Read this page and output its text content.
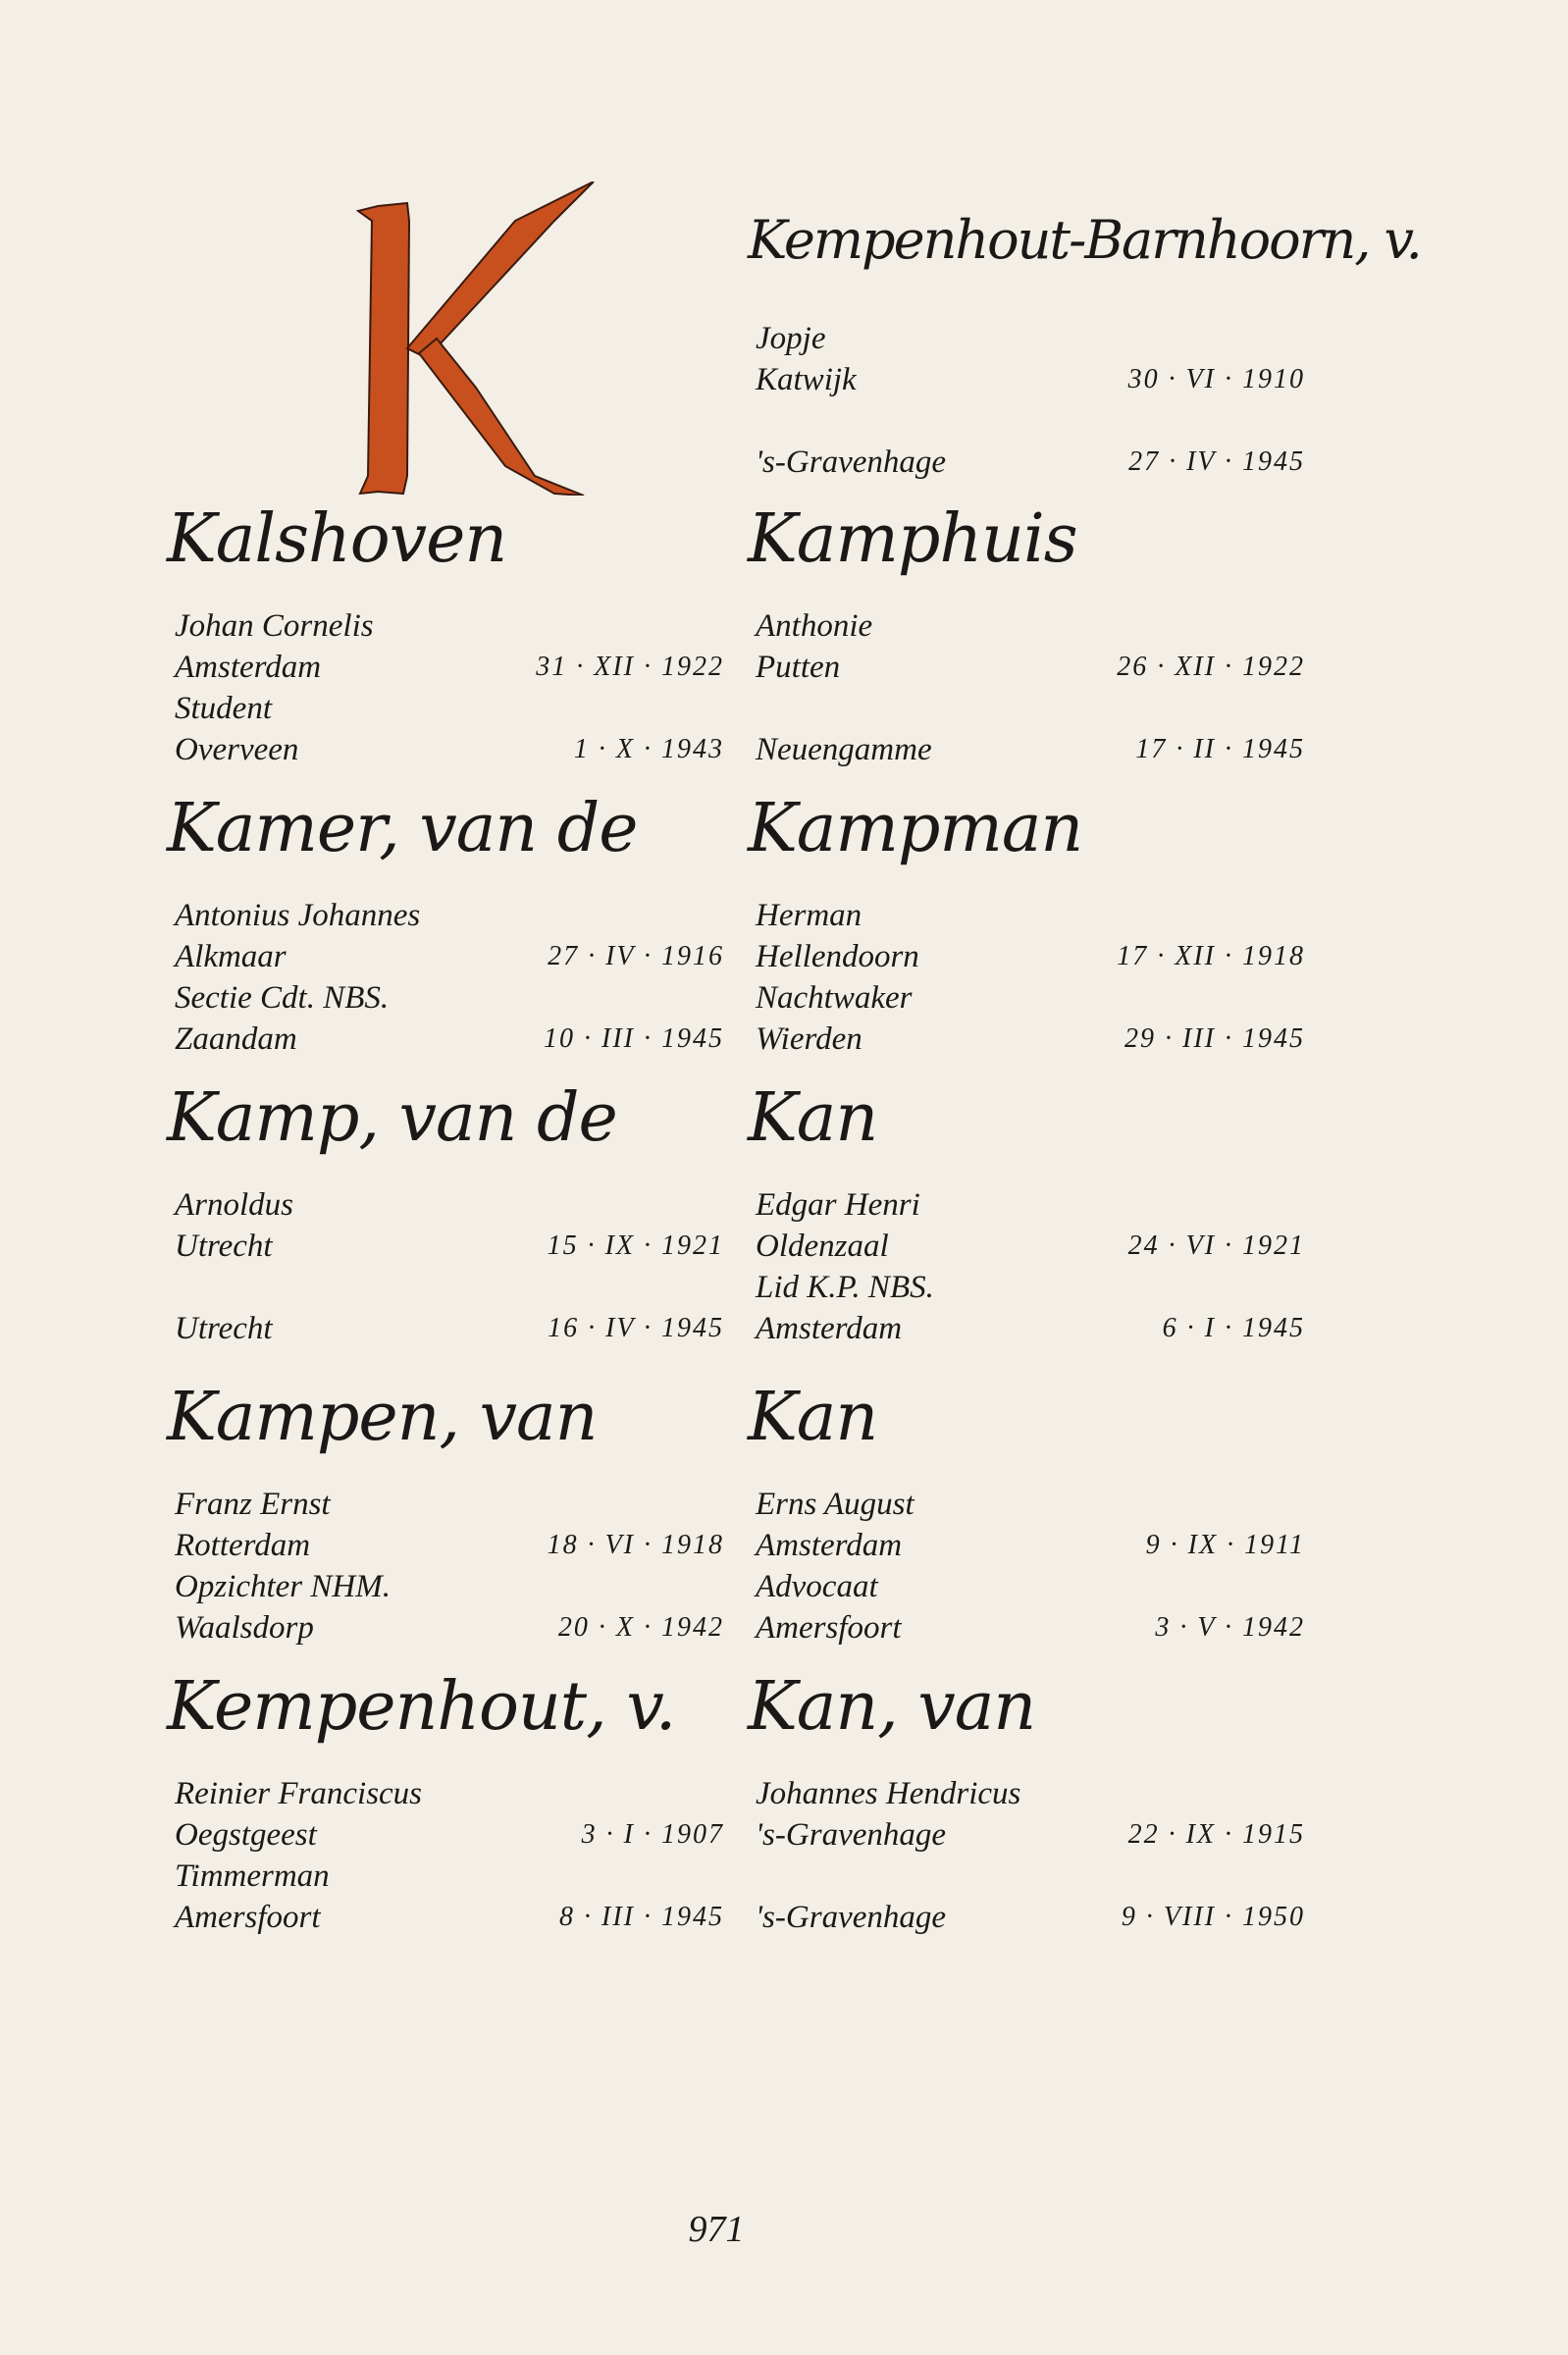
Kalshoven
Johan Cornelis
Amsterdam	31 · XII · 1922
Student
Overveen	1 · X · 1943
Kamer, van de
Antonius Johannes
Alkmaar	27 · IV · 1916
Sectie Cdt. NBS.
Zaandam	10 · III · 1945
Kamp, van de
Arnoldus
Utrecht	15 · IX · 1921
Utrecht	16 · IV · 1945
Kampen, van
Franz Ernst
Rotterdam	18 · VI · 1918
Opzichter NHM.
Waalsdorp	20 · X · 1942
Kempenhout, v.
Reinier Franciscus
Oegstgeest	3 · I · 1907
Timmerman
Amersfoort	8 · III · 1945
Kempenhout-Barnhoorn, v.
Jopje
Katwijk	30 · VI · 1910
's-Gravenhage	27 · IV · 1945
Kamphuis
Anthonie
Putten	26 · XII · 1922
Neuengamme	17 · II · 1945
Kampman
Herman
Hellendoorn	17 · XII · 1918
Nachtwaker
Wierden	29 · III · 1945
Kan
Edgar Henri
Oldenzaal	24 · VI · 1921
Lid K.P. NBS.
Amsterdam	6 · I · 1945
Kan
Erns August
Amsterdam	9 · IX · 1911
Advocaat
Amersfoort	3 · V · 1942
Kan, van
Johannes Hendricus
's-Gravenhage	22 · IX · 1915
's-Gravenhage	9 · VIII · 1950
971
